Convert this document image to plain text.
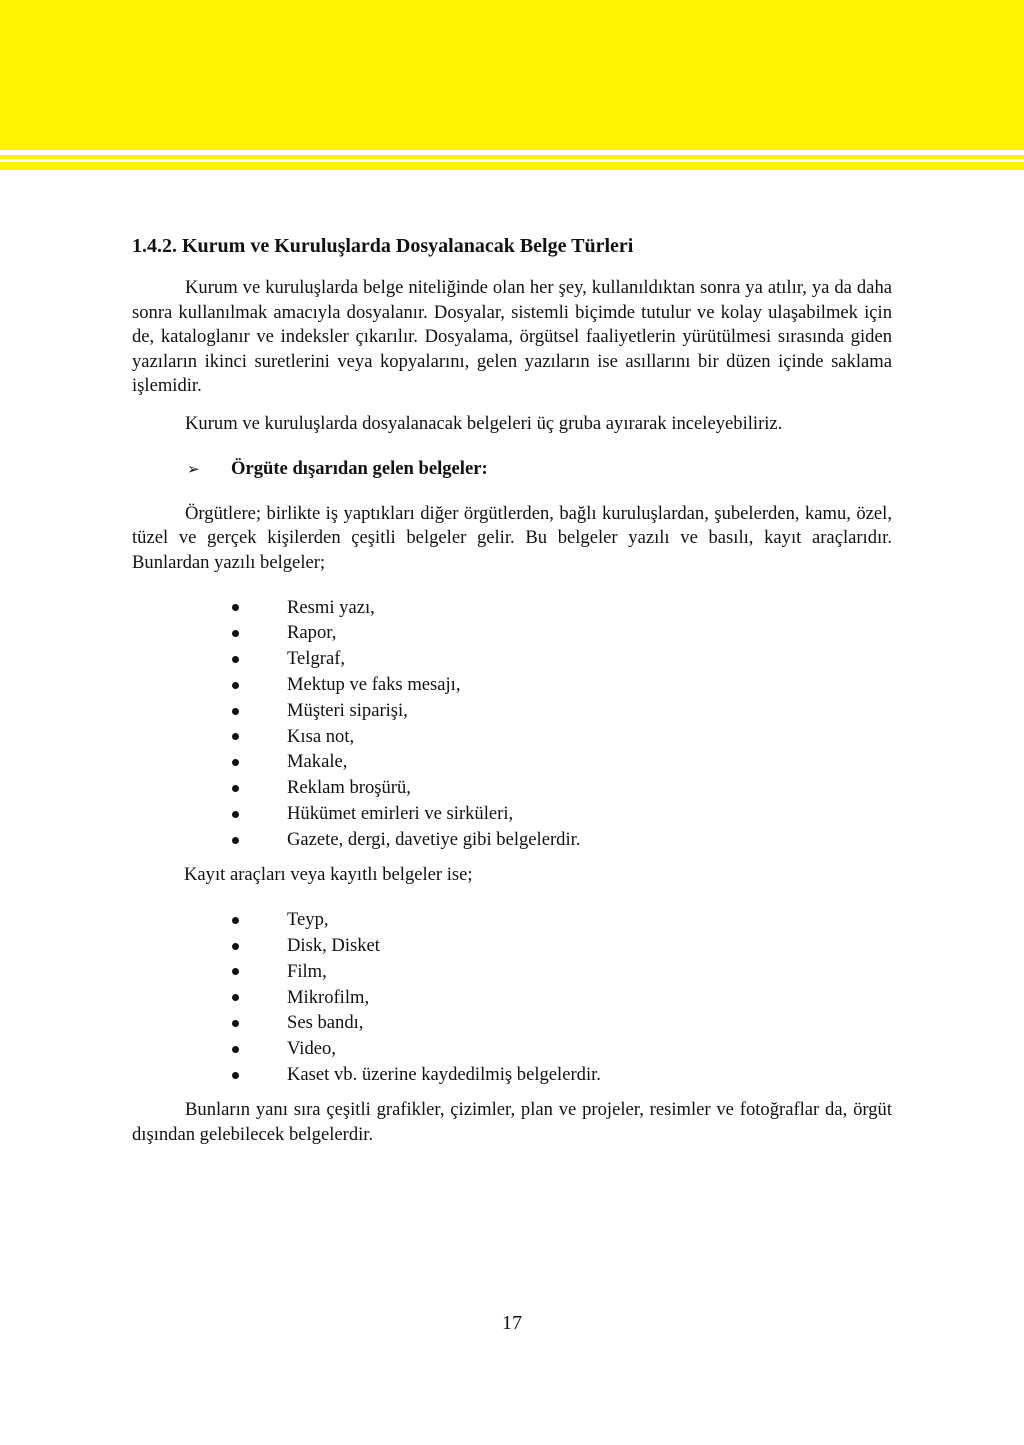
1.4.2. Kurum ve Kuruluşlarda Dosyalanacak Belge Türleri

Kurum ve kuruluşlarda belge niteliğinde olan her şey, kullanıldıktan sonra ya atılır, ya da daha sonra kullanılmak amacıyla dosyalanır. Dosyalar, sistemli biçimde tutulur ve kolay ulaşabilmek için de, kataloglanır ve indeksler çıkarılır. Dosyalama, örgütsel faaliyetlerin yürütülmesi sırasında giden yazıların ikinci suretlerini veya kopyalarını, gelen yazıların ise asıllarını bir düzen içinde saklama işlemidir.

Kurum ve kuruluşlarda dosyalanacak belgeleri üç gruba ayırarak inceleyebiliriz.

➢	Örgüte dışarıdan gelen belgeler:

Örgütlere; birlikte iş yaptıkları diğer örgütlerden, bağlı kuruluşlardan, şubelerden, kamu, özel, tüzel ve gerçek kişilerden çeşitli belgeler gelir. Bu belgeler yazılı ve basılı, kayıt araçlarıdır. Bunlardan yazılı belgeler;

Resmi yazı,
Rapor,
Telgraf,
Mektup ve faks mesajı,
Müşteri siparişi,
Kısa not,
Makale,
Reklam broşürü,
Hükümet emirleri ve sirküleri,
Gazete, dergi, davetiye gibi belgelerdir.

Kayıt araçları veya kayıtlı belgeler ise;

Teyp,
Disk, Disket
Film,
Mikrofilm,
Ses bandı,
Video,
Kaset vb. üzerine kaydedilmiş belgelerdir.

Bunların yanı sıra çeşitli grafikler, çizimler, plan ve projeler, resimler ve fotoğraflar da, örgüt dışından gelebilecek belgelerdir.

17
